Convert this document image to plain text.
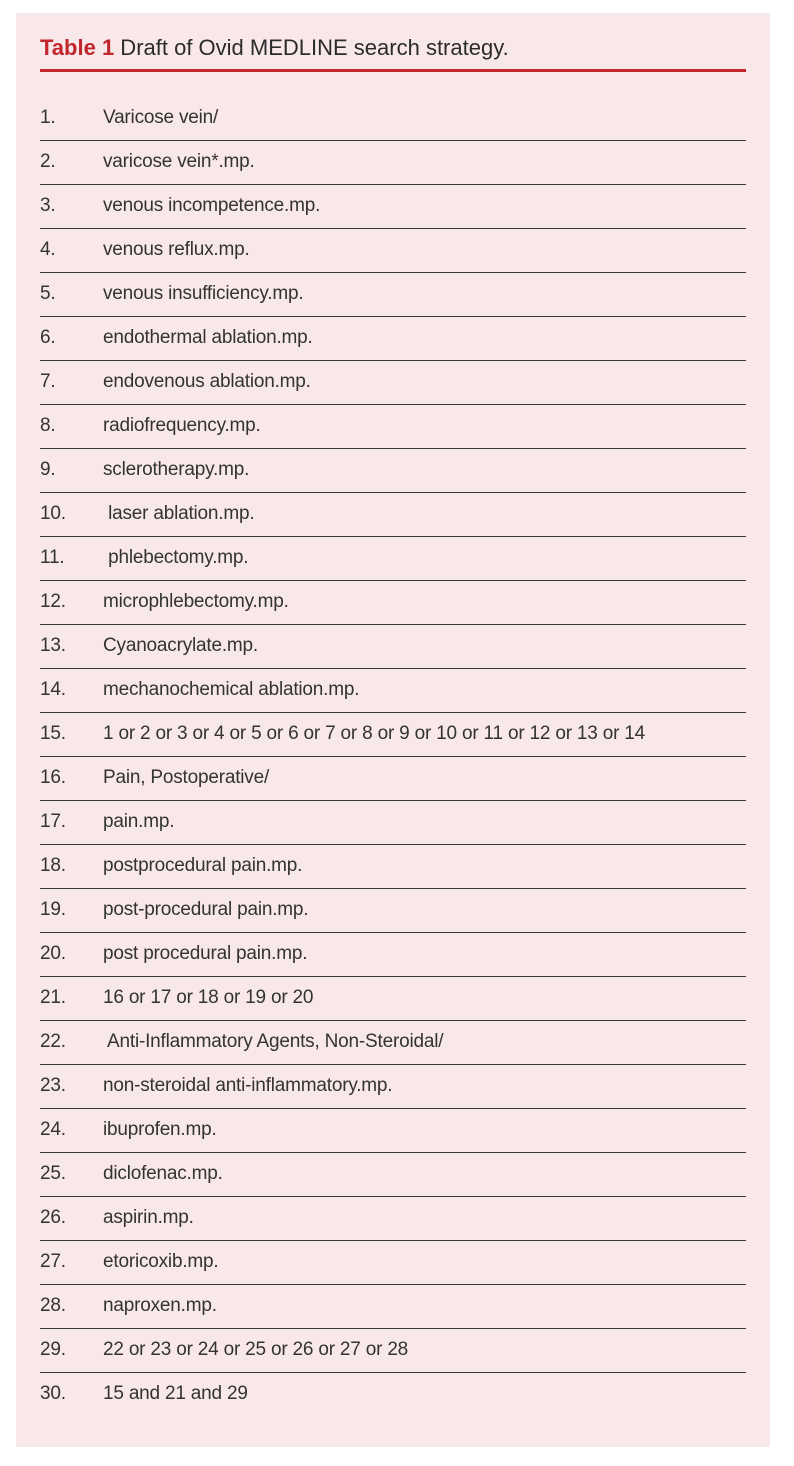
Table 1 Draft of Ovid MEDLINE search strategy.
1.	Varicose vein/
2.	varicose vein*.mp.
3.	venous incompetence.mp.
4.	venous reflux.mp.
5.	venous insufficiency.mp.
6.	endothermal ablation.mp.
7.	endovenous ablation.mp.
8.	radiofrequency.mp.
9.	sclerotherapy.mp.
10. laser ablation.mp.
11. phlebectomy.mp.
12. microphlebectomy.mp.
13. Cyanoacrylate.mp.
14. mechanochemical ablation.mp.
15. 1 or 2 or 3 or 4 or 5 or 6 or 7 or 8 or 9 or 10 or 11 or 12 or 13 or 14
16. Pain, Postoperative/
17. pain.mp.
18. postprocedural pain.mp.
19. post-procedural pain.mp.
20. post procedural pain.mp.
21. 16 or 17 or 18 or 19 or 20
22. Anti-Inflammatory Agents, Non-Steroidal/
23. non-steroidal anti-inflammatory.mp.
24. ibuprofen.mp.
25. diclofenac.mp.
26. aspirin.mp.
27. etoricoxib.mp.
28. naproxen.mp.
29. 22 or 23 or 24 or 25 or 26 or 27 or 28
30. 15 and 21 and 29
